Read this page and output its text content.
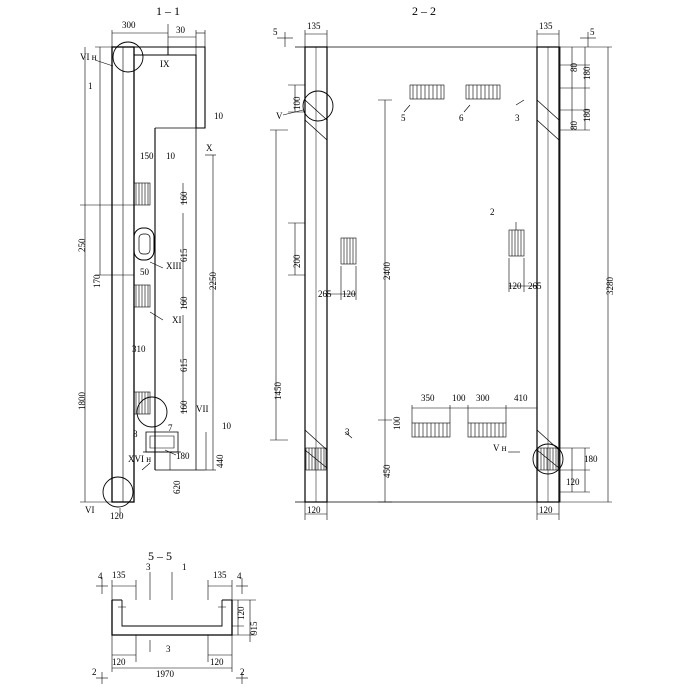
1 – 1	2 – 2
5 – 5
300	30
10
VI н
IX
X
XIII
XI
VII
XVI н
VI
1
7
8
250
170
310
1800
150 10
160
615
50
160
615
160
2250
180	440
620
120
10
135
5
135
5
80 180
180
80
3280
100
200
2400
1450
100
450
120
265 120
120 265
350 100 300	410
120
180
120
5	6	3
2
3
V
V н
4	4
2	2
135
3	1
135
120
915
120
3
1970
120
